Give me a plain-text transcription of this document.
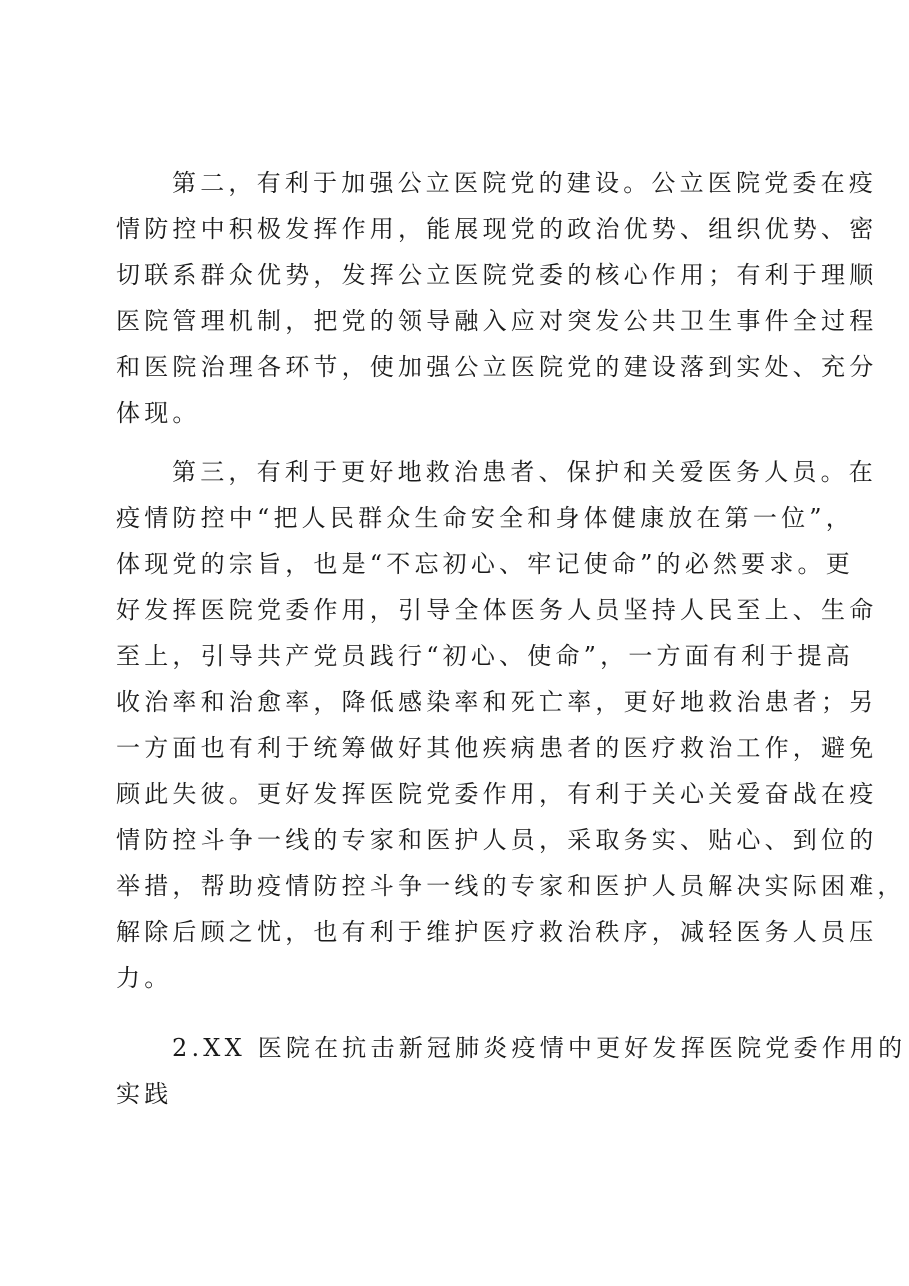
第二，有利于加强公立医院党的建设。公立医院党委在疫
情防控中积极发挥作用，能展现党的政治优势、组织优势、密
切联系群众优势，发挥公立医院党委的核心作用；有利于理顺
医院管理机制，把党的领导融入应对突发公共卫生事件全过程
和医院治理各环节，使加强公立医院党的建设落到实处、充分
体现。
第三，有利于更好地救治患者、保护和关爱医务人员。在
疫情防控中“把人民群众生命安全和身体健康放在第一位”，
体现党的宗旨，也是“不忘初心、牢记使命”的必然要求。更
好发挥医院党委作用，引导全体医务人员坚持人民至上、生命
至上，引导共产党员践行“初心、使命”，一方面有利于提高
收治率和治愈率，降低感染率和死亡率，更好地救治患者；另
一方面也有利于统筹做好其他疾病患者的医疗救治工作，避免
顾此失彼。更好发挥医院党委作用，有利于关心关爱奋战在疫
情防控斗争一线的专家和医护人员，采取务实、贴心、到位的
举措，帮助疫情防控斗争一线的专家和医护人员解决实际困难，
解除后顾之忧，也有利于维护医疗救治秩序，减轻医务人员压
力。
2.XX 医院在抗击新冠肺炎疫情中更好发挥医院党委作用的
实践
